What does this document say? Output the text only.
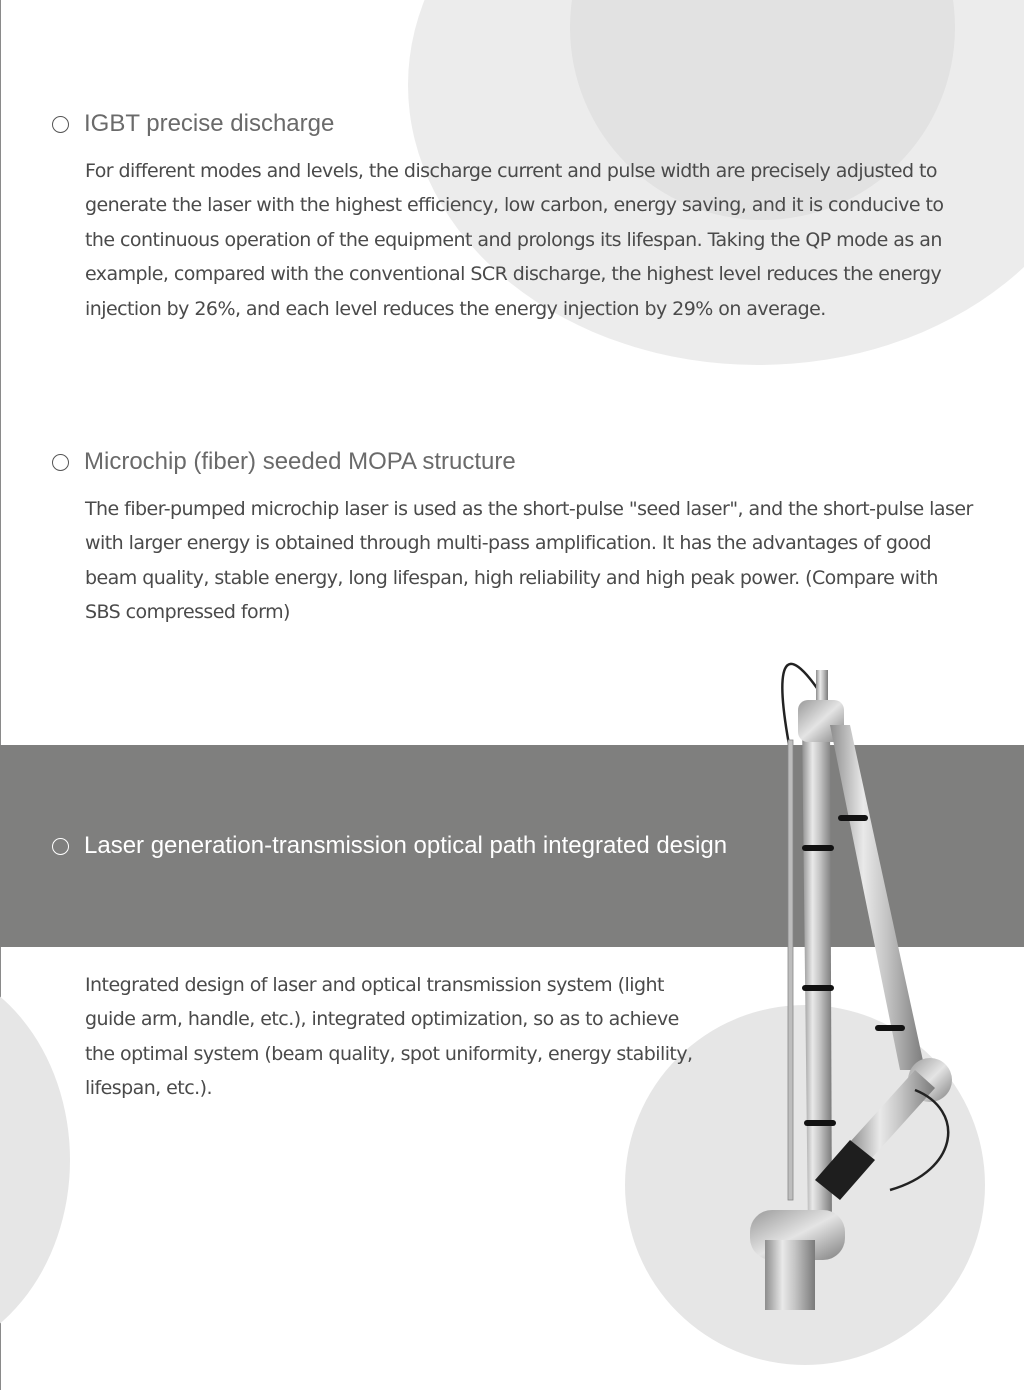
IGBT precise discharge

For different modes and levels, the discharge current and pulse width are precisely adjusted to generate the laser with the highest efficiency, low carbon, energy saving, and it is conducive to the continuous operation of the equipment and prolongs its lifespan. Taking the QP mode as an example, compared with the conventional SCR discharge, the highest level reduces the energy injection by 26%, and each level reduces the energy injection by 29% on average.

Microchip (fiber) seeded MOPA structure

The fiber-pumped microchip laser is used as the short-pulse "seed laser", and the short-pulse laser with larger energy is obtained through multi-pass amplification. It has the advantages of good beam quality, stable energy, long lifespan, high reliability and high peak power. (Compare with SBS compressed form)

Laser generation-transmission optical path integrated design

Integrated design of laser and optical transmission system (light guide arm, handle, etc.), integrated optimization, so as to achieve the optimal system (beam quality, spot uniformity, energy stability, lifespan, etc.).
